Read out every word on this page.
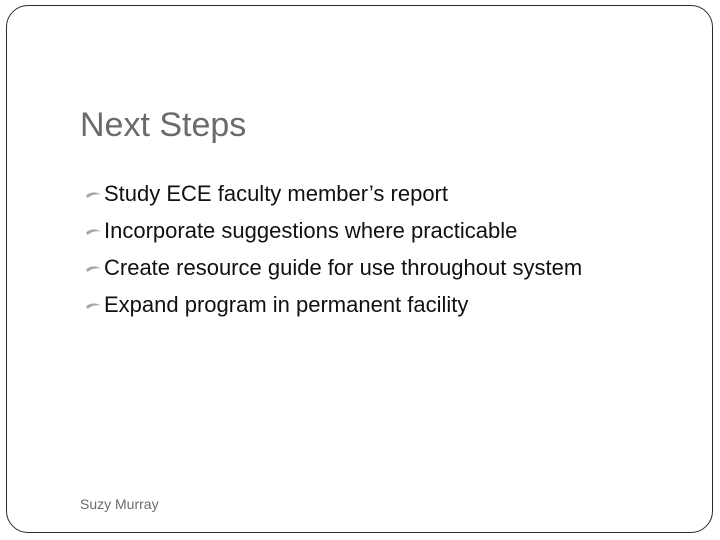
Next Steps
Study ECE faculty member’s report
Incorporate suggestions where practicable
Create resource guide for use throughout system
Expand program in permanent facility
Suzy Murray
